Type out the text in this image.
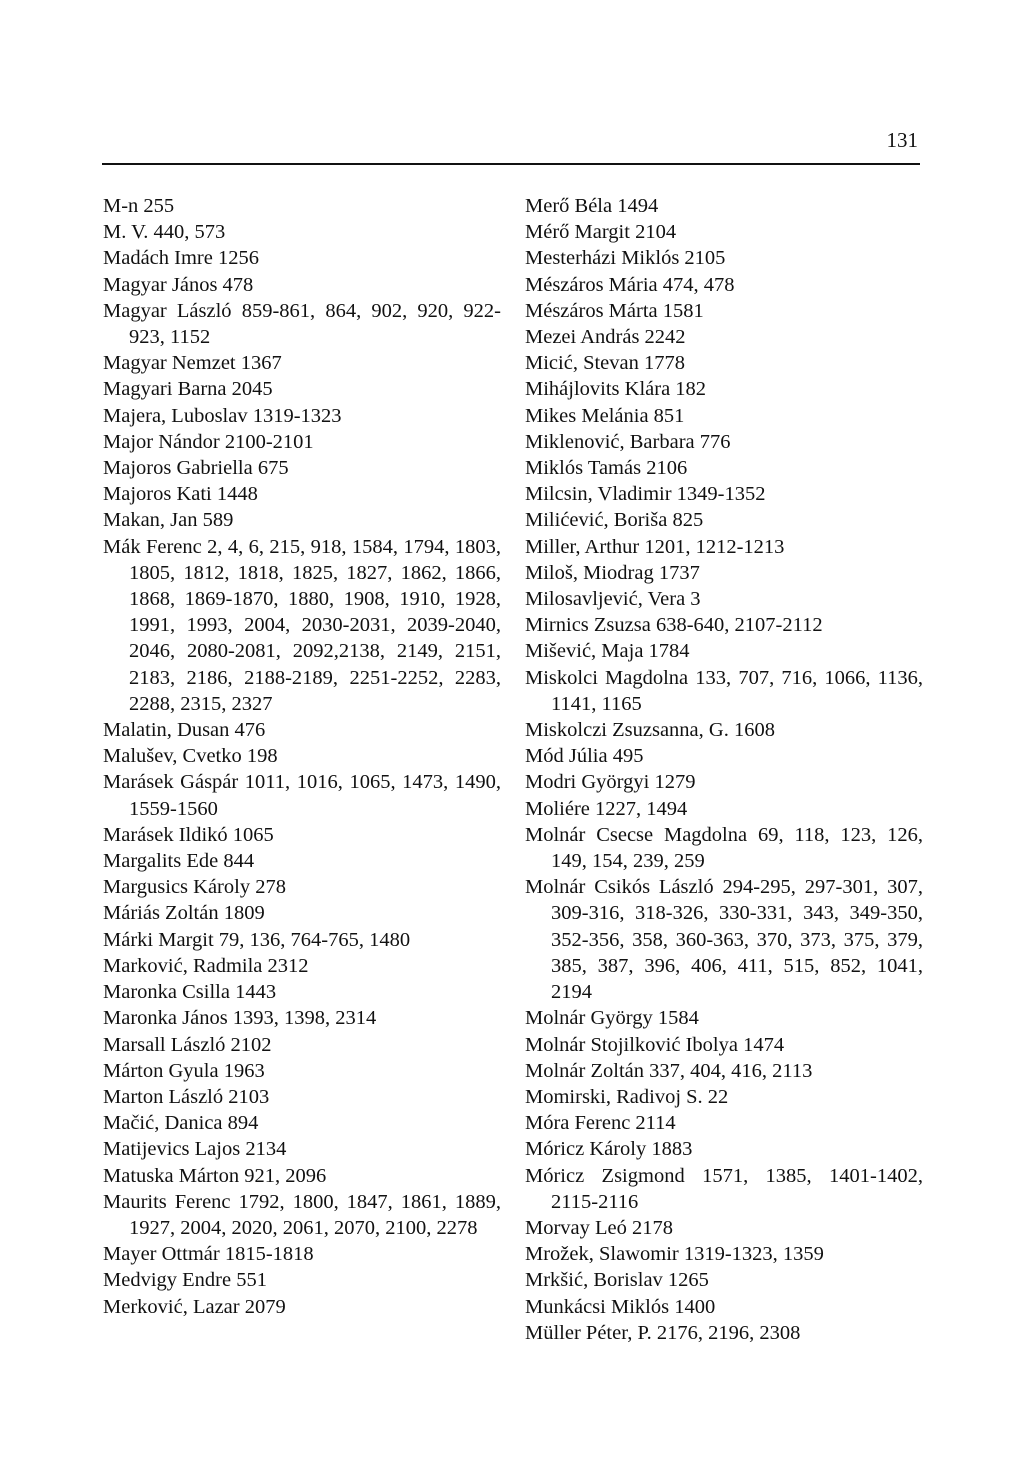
131
M-n 255
M. V. 440, 573
Madách Imre 1256
Magyar János 478
Magyar László 859-861, 864, 902, 920, 922-923, 1152
Magyar Nemzet 1367
Magyari Barna 2045
Majera, Luboslav 1319-1323
Major Nándor 2100-2101
Majoros Gabriella 675
Majoros Kati 1448
Makan, Jan 589
Mák Ferenc 2, 4, 6, 215, 918, 1584, 1794, 1803, 1805, 1812, 1818, 1825, 1827, 1862, 1866, 1868, 1869-1870, 1880, 1908, 1910, 1928, 1991, 1993, 2004, 2030-2031, 2039-2040, 2046, 2080-2081, 2092,2138, 2149, 2151, 2183, 2186, 2188-2189, 2251-2252, 2283, 2288, 2315, 2327
Malatin, Dusan 476
Malušev, Cvetko 198
Marásek Gáspár 1011, 1016, 1065, 1473, 1490, 1559-1560
Marásek Ildikó 1065
Margalits Ede 844
Margusics Károly 278
Máriás Zoltán 1809
Márki Margit 79, 136, 764-765, 1480
Marković, Radmila 2312
Maronka Csilla 1443
Maronka János 1393, 1398, 2314
Marsall László 2102
Márton Gyula 1963
Marton László 2103
Mačić, Danica 894
Matijevics Lajos 2134
Matuska Márton 921, 2096
Maurits Ferenc 1792, 1800, 1847, 1861, 1889, 1927, 2004, 2020, 2061, 2070, 2100, 2278
Mayer Ottmár 1815-1818
Medvigy Endre 551
Merković, Lazar 2079
Merő Béla 1494
Mérő Margit 2104
Mesterházi Miklós 2105
Mészáros Mária 474, 478
Mészáros Márta 1581
Mezei András 2242
Micić, Stevan 1778
Mihájlovits Klára 182
Mikes Melánia 851
Miklenović, Barbara 776
Miklós Tamás 2106
Milcsin, Vladimir 1349-1352
Milićević, Boriša 825
Miller, Arthur 1201, 1212-1213
Miloš, Miodrag 1737
Milosavljević, Vera 3
Mirnics Zsuzsa 638-640, 2107-2112
Mišević, Maja 1784
Miskolci Magdolna 133, 707, 716, 1066, 1136, 1141, 1165
Miskolczi Zsuzsanna, G. 1608
Mód Júlia 495
Modri Györgyi 1279
Moliére 1227, 1494
Molnár Csecse Magdolna 69, 118, 123, 126, 149, 154, 239, 259
Molnár Csikós László 294-295, 297-301, 307, 309-316, 318-326, 330-331, 343, 349-350, 352-356, 358, 360-363, 370, 373, 375, 379, 385, 387, 396, 406, 411, 515, 852, 1041, 2194
Molnár György 1584
Molnár Stojilković Ibolya 1474
Molnár Zoltán 337, 404, 416, 2113
Momirski, Radivoj S. 22
Móra Ferenc 2114
Móricz Károly 1883
Móricz Zsigmond 1571, 1385, 1401-1402, 2115-2116
Morvay Leó 2178
Mrožek, Slawomir 1319-1323, 1359
Mrkšić, Borislav 1265
Munkácsi Miklós 1400
Müller Péter, P. 2176, 2196, 2308
